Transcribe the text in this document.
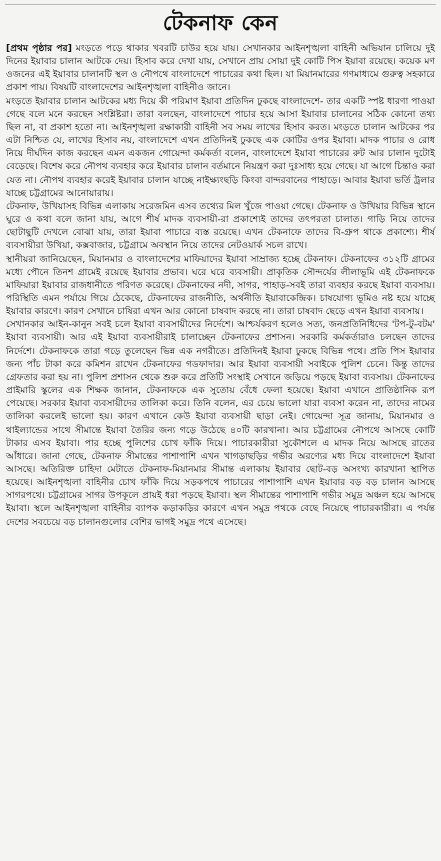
টেকনাফ কেন

[প্রথম পৃষ্ঠার পর] মংড়তে পড়ে থাকার খবরটি চাউর হয়ে যায়। সেখানকার আইনশৃঙ্খলা বাহিনী অভিযান চালিয়ে দুই দিনের ইয়াবার চালান আটকে দেয়। হিসাব করে দেখা যায়, সেখানে প্রায় সোয়া দুই কোটি পিস ইয়াবা রয়েছে। কয়েক মণ ওজনের এই ইয়াবার চালানটি স্থল ও নৌপথে বাংলাদেশে পাচারের কথা ছিল। যা মিয়ানমারের গণমাধ্যমে গুরুত্ব সহকারে প্রকাশ পায়। বিষয়টি বাংলাদেশের আইনশৃঙ্খলা বাহিনীও জানে।

মংড়তে ইয়াবার চালান আটকের মধ্য দিয়ে কী পরিমাণ ইয়াবা প্রতিদিন ঢুকছে বাংলাদেশে- তার একটি স্পষ্ট ধারণা পাওয়া গেছে বলে মনে করছেন সংশ্লিষ্টরা। তারা বলছেন, বাংলাদেশে পাচার হয়ে আসা ইয়াবার চালানের সঠিক কোনো তথ্য ছিল না, বা প্রকাশ হতো না। আইনশৃঙ্খলা রক্ষাকারী বাহিনী সব সময় লাখের হিসাব করত। মংড়তে চালান আটকের পর এটা নিশ্চিত যে, লাখের হিসাব নয়, বাংলাদেশে এখন প্রতিদিনই ঢুকছে এক কোটির ওপর ইয়াবা। মাদক পাচার ও রোধ নিয়ে দীর্ঘদিন কাজ করছেন এমন একজন গোয়েন্দা কর্মকর্তা বলেন, বাংলাদেশে ইয়াবা পাচারের রুট আর চালান দুটোই বেড়েছে। বিশেষ করে নৌপথ ব্যবহার করে ইয়াবার চালান বর্তমানে নিয়ন্ত্রণ করা দুঃসাধ্য হয়ে গেছে। যা আগে চিন্তাও করা যেত না। নৌপথ ব্যবহার করেই ইয়াবার চালান যাচ্ছে নাইক্ষ্যংছড়ি কিংবা বান্দরবানের পাহাড়ে। আবার ইয়াবা ভর্তি ট্রলার যাচ্ছে চট্টগ্রামের আনোয়ারায়।

টেকনাফ, উখিয়াসহ বিভিন্ন এলাকায় সরেজমিন এসব তথ্যের মিল খুঁজে পাওয়া গেছে। টেকনাফ ও উখিয়ার বিভিন্ন স্থানে ঘুরে ও কথা বলে জানা যায়, আগে শীর্ষ মাদক ব্যবসায়ী-রা প্রকাশ্যেই তাদের তৎপরতা চালাত। গাড়ি নিয়ে তাদের ছোটাছুটি দেখলে বোঝা যায়, তারা ইয়াবা পাচারে ব্যস্ত রয়েছে। এখন টেকনাফে তাদের বি-গ্রুপ থাকে প্রকাশ্যে। শীর্ষ ব্যবসায়ীরা উখিয়া, কক্সবাজার, চট্টগ্রামে অবস্থান নিয়ে তাদের নেটওয়ার্ক সচল রাখে।

স্থানীয়রা জানিয়েছেন, মিয়ানমার ও বাংলাদেশের মাফিয়াদের ইয়াবা সাম্রাজ্য হচ্ছে টেকনাফ। টেকনাফের ৩১২টি গ্রামের মধ্যে পৌনে তিনশ গ্রামেই রয়েছে ইয়াবার প্রভাব। ঘরে ঘরে ব্যবসায়ী। প্রাকৃতিক সৌন্দর্যের লীলাভূমি এই টেকনাফকে মাফিয়ারা ইয়াবার রাজধানীতে পরিণত করেছে। টেকনাফের নদী, সাগর, পাহাড়-সবই তারা ব্যবহার করছে ইয়াবা ব্যবসায়। পরিস্থিতি এমন পর্যায়ে গিয়ে ঠেকেছে, টেকনাফের রাজনীতি, অর্থনীতি ইয়াবাকেন্দ্রিক। চাষযোগ্য ভূমিও নষ্ট হয়ে যাচ্ছে ইয়াবার কারণে। কারণ সেখানে চাষিরা এখন আর কোনো চাষবাদ করছে না। তারা চাষবাদ ছেড়ে এখন ইয়াবা ব্যবসায়।

সেখানকার আইন-কানুন সবই চলে ইয়াবা ব্যবসায়ীদের নির্দেশে। আশ্চর্যকরণ হলেও সত্য, জনপ্রতিনিধিদের 'টপ-টু-বটম' ইয়াবা ব্যবসায়ী। আর এই ইয়াবা ব্যবসায়ীরাই চালাচ্ছেন টেকনাফের প্রশাসন। সরকারি কর্মকর্তারাও চলছেন তাদের নির্দেশে। টেকনাফকে তারা গড়ে তুলেছেন ভিন্ন এক নগরীতে। প্রতিদিনই ইয়াবা ঢুকছে বিভিন্ন পথে। প্রতি পিস ইয়াবার জন্য পাঁচ টাকা করে কমিশন রাখেন টেকনাফের গডফাদার। আর ইয়াবা ব্যবসায়ী সবাইকে পুলিশ চেনে। কিন্তু তাদের গ্রেফতার করা হয় না। পুলিশ প্রশাসন থেকে শুরু করে প্রতিটি সংস্থাই সেখানে জড়িয়ে পড়ছে ইয়াবা ব্যবসায়। টেকনাফের প্রাইমারি স্কুলের এক শিক্ষক জানান, টেকনাফকে এক সুতোয় বেঁধে ফেলা হয়েছে। ইয়াবা এখানে প্রাতিষ্ঠানিক রূপ পেয়েছে। সরকার ইয়াবা ব্যবসায়ীদের তালিকা করে। তিনি বলেন, এর চেয়ে ভালো যারা ব্যবসা করেন না, তাদের নামের তালিকা করলেই ভালো হয়। কারণ এখানে কেউ ইয়াবা ব্যবসায়ী ছাড়া নেই। গোয়েন্দা সূত্র জানায়, মিয়ানমার ও থাইল্যান্ডের সাথে সীমান্তে ইয়াবা তৈরির জন্য গড়ে উঠেছে ৪০টি কারখানা। আর চট্টগ্রামের নৌপথে আসছে কোটি টাকার এসব ইয়াবা। পার হচ্ছে পুলিশের চোখ ফাঁকি দিয়ে। পাচারকারীরা সুকৌশলে এ মাদক নিয়ে আসছে রাতের আঁধারে। জানা গেছে, টেকনাফ সীমান্তের পাশাপাশি এখন খাগড়াছড়ির গভীর অরণ্যের মধ্য দিয়ে বাংলাদেশে ইয়াবা আসছে। অতিরিক্ত চাহিদা মেটাতে টেকনাফ-মিয়ানমার সীমান্ত এলাকায় ইয়াবার ছোট-বড় অসংখ্য কারখানা স্থাপিত হয়েছে। আইনশৃঙ্খলা বাহিনীর চোখ ফাঁকি দিয়ে সড়কপথে পাচারের পাশাপাশি এখন ইয়াবার বড় বড় চালান আসছে সাগরপথে। চট্টগ্রামের সাগর উপকূলে প্রায়ই ধরা পড়ছে ইয়াবা। স্থল সীমান্তের পাশাপাশি গভীর সমুদ্র অঞ্চল হয়ে আসছে ইয়াবা। স্থলে আইনশৃঙ্খলা বাহিনীর ব্যাপক কড়াকড়ির কারণে এখন সমুদ্র পথকে বেছে নিয়েছে পাচারকারীরা। এ পর্যন্ত দেশের সবচেয়ে বড় চালানগুলোর বেশির ভাগই সমুদ্র পথে এসেছে।
